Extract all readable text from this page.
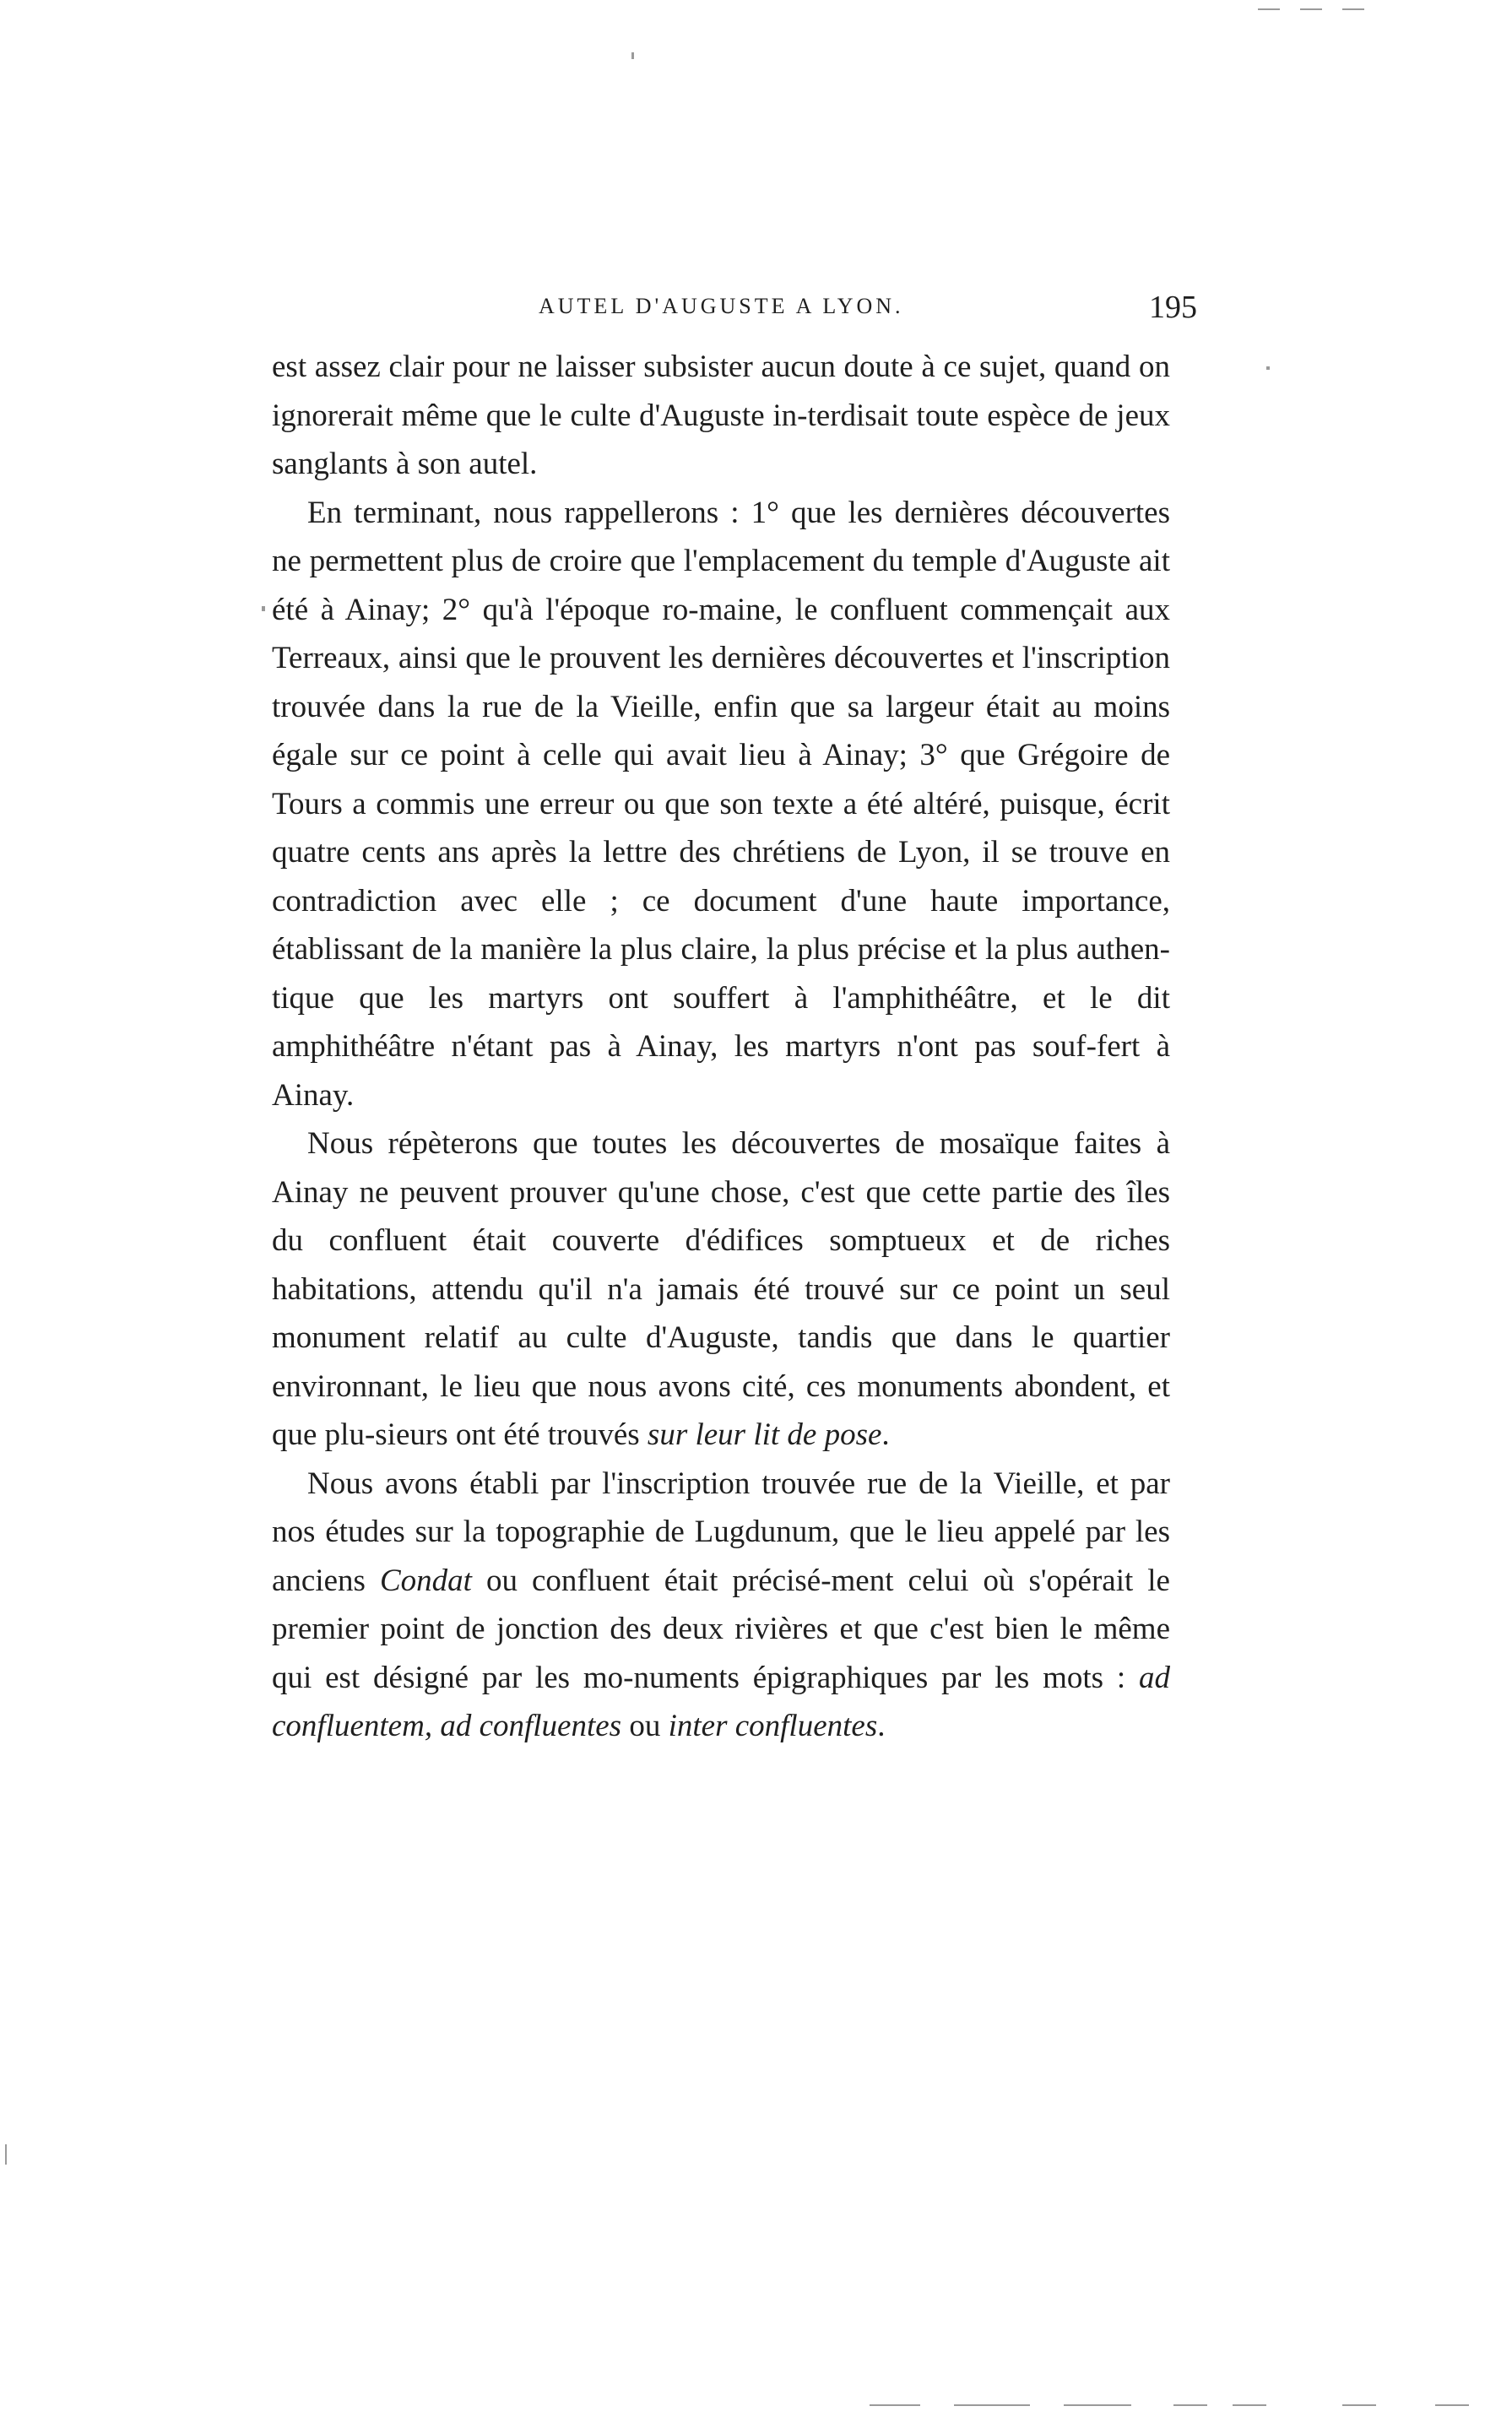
AUTEL D'AUGUSTE A LYON.	195

est assez clair pour ne laisser subsister aucun doute à ce sujet, quand on ignorerait même que le culte d'Auguste in-terdisait toute espèce de jeux sanglants à son autel.

En terminant, nous rappellerons : 1° que les dernières découvertes ne permettent plus de croire que l'emplacement du temple d'Auguste ait été à Ainay; 2° qu'à l'époque ro-maine, le confluent commençait aux Terreaux, ainsi que le prouvent les dernières découvertes et l'inscription trouvée dans la rue de la Vieille, enfin que sa largeur était au moins égale sur ce point à celle qui avait lieu à Ainay; 3° que Grégoire de Tours a commis une erreur ou que son texte a été altéré, puisque, écrit quatre cents ans après la lettre des chrétiens de Lyon, il se trouve en contradiction avec elle ; ce document d'une haute importance, établissant de la manière la plus claire, la plus précise et la plus authen-tique que les martyrs ont souffert à l'amphithéâtre, et le dit amphithéâtre n'étant pas à Ainay, les martyrs n'ont pas souf-fert à Ainay.

Nous répèterons que toutes les découvertes de mosaïque faites à Ainay ne peuvent prouver qu'une chose, c'est que cette partie des îles du confluent était couverte d'édifices somptueux et de riches habitations, attendu qu'il n'a jamais été trouvé sur ce point un seul monument relatif au culte d'Auguste, tandis que dans le quartier environnant, le lieu que nous avons cité, ces monuments abondent, et que plu-sieurs ont été trouvés sur leur lit de pose.

Nous avons établi par l'inscription trouvée rue de la Vieille, et par nos études sur la topographie de Lugdunum, que le lieu appelé par les anciens Condat ou confluent était précisé-ment celui où s'opérait le premier point de jonction des deux rivières et que c'est bien le même qui est désigné par les mo-numents épigraphiques par les mots : ad confluentem, ad confluentes ou inter confluentes.
